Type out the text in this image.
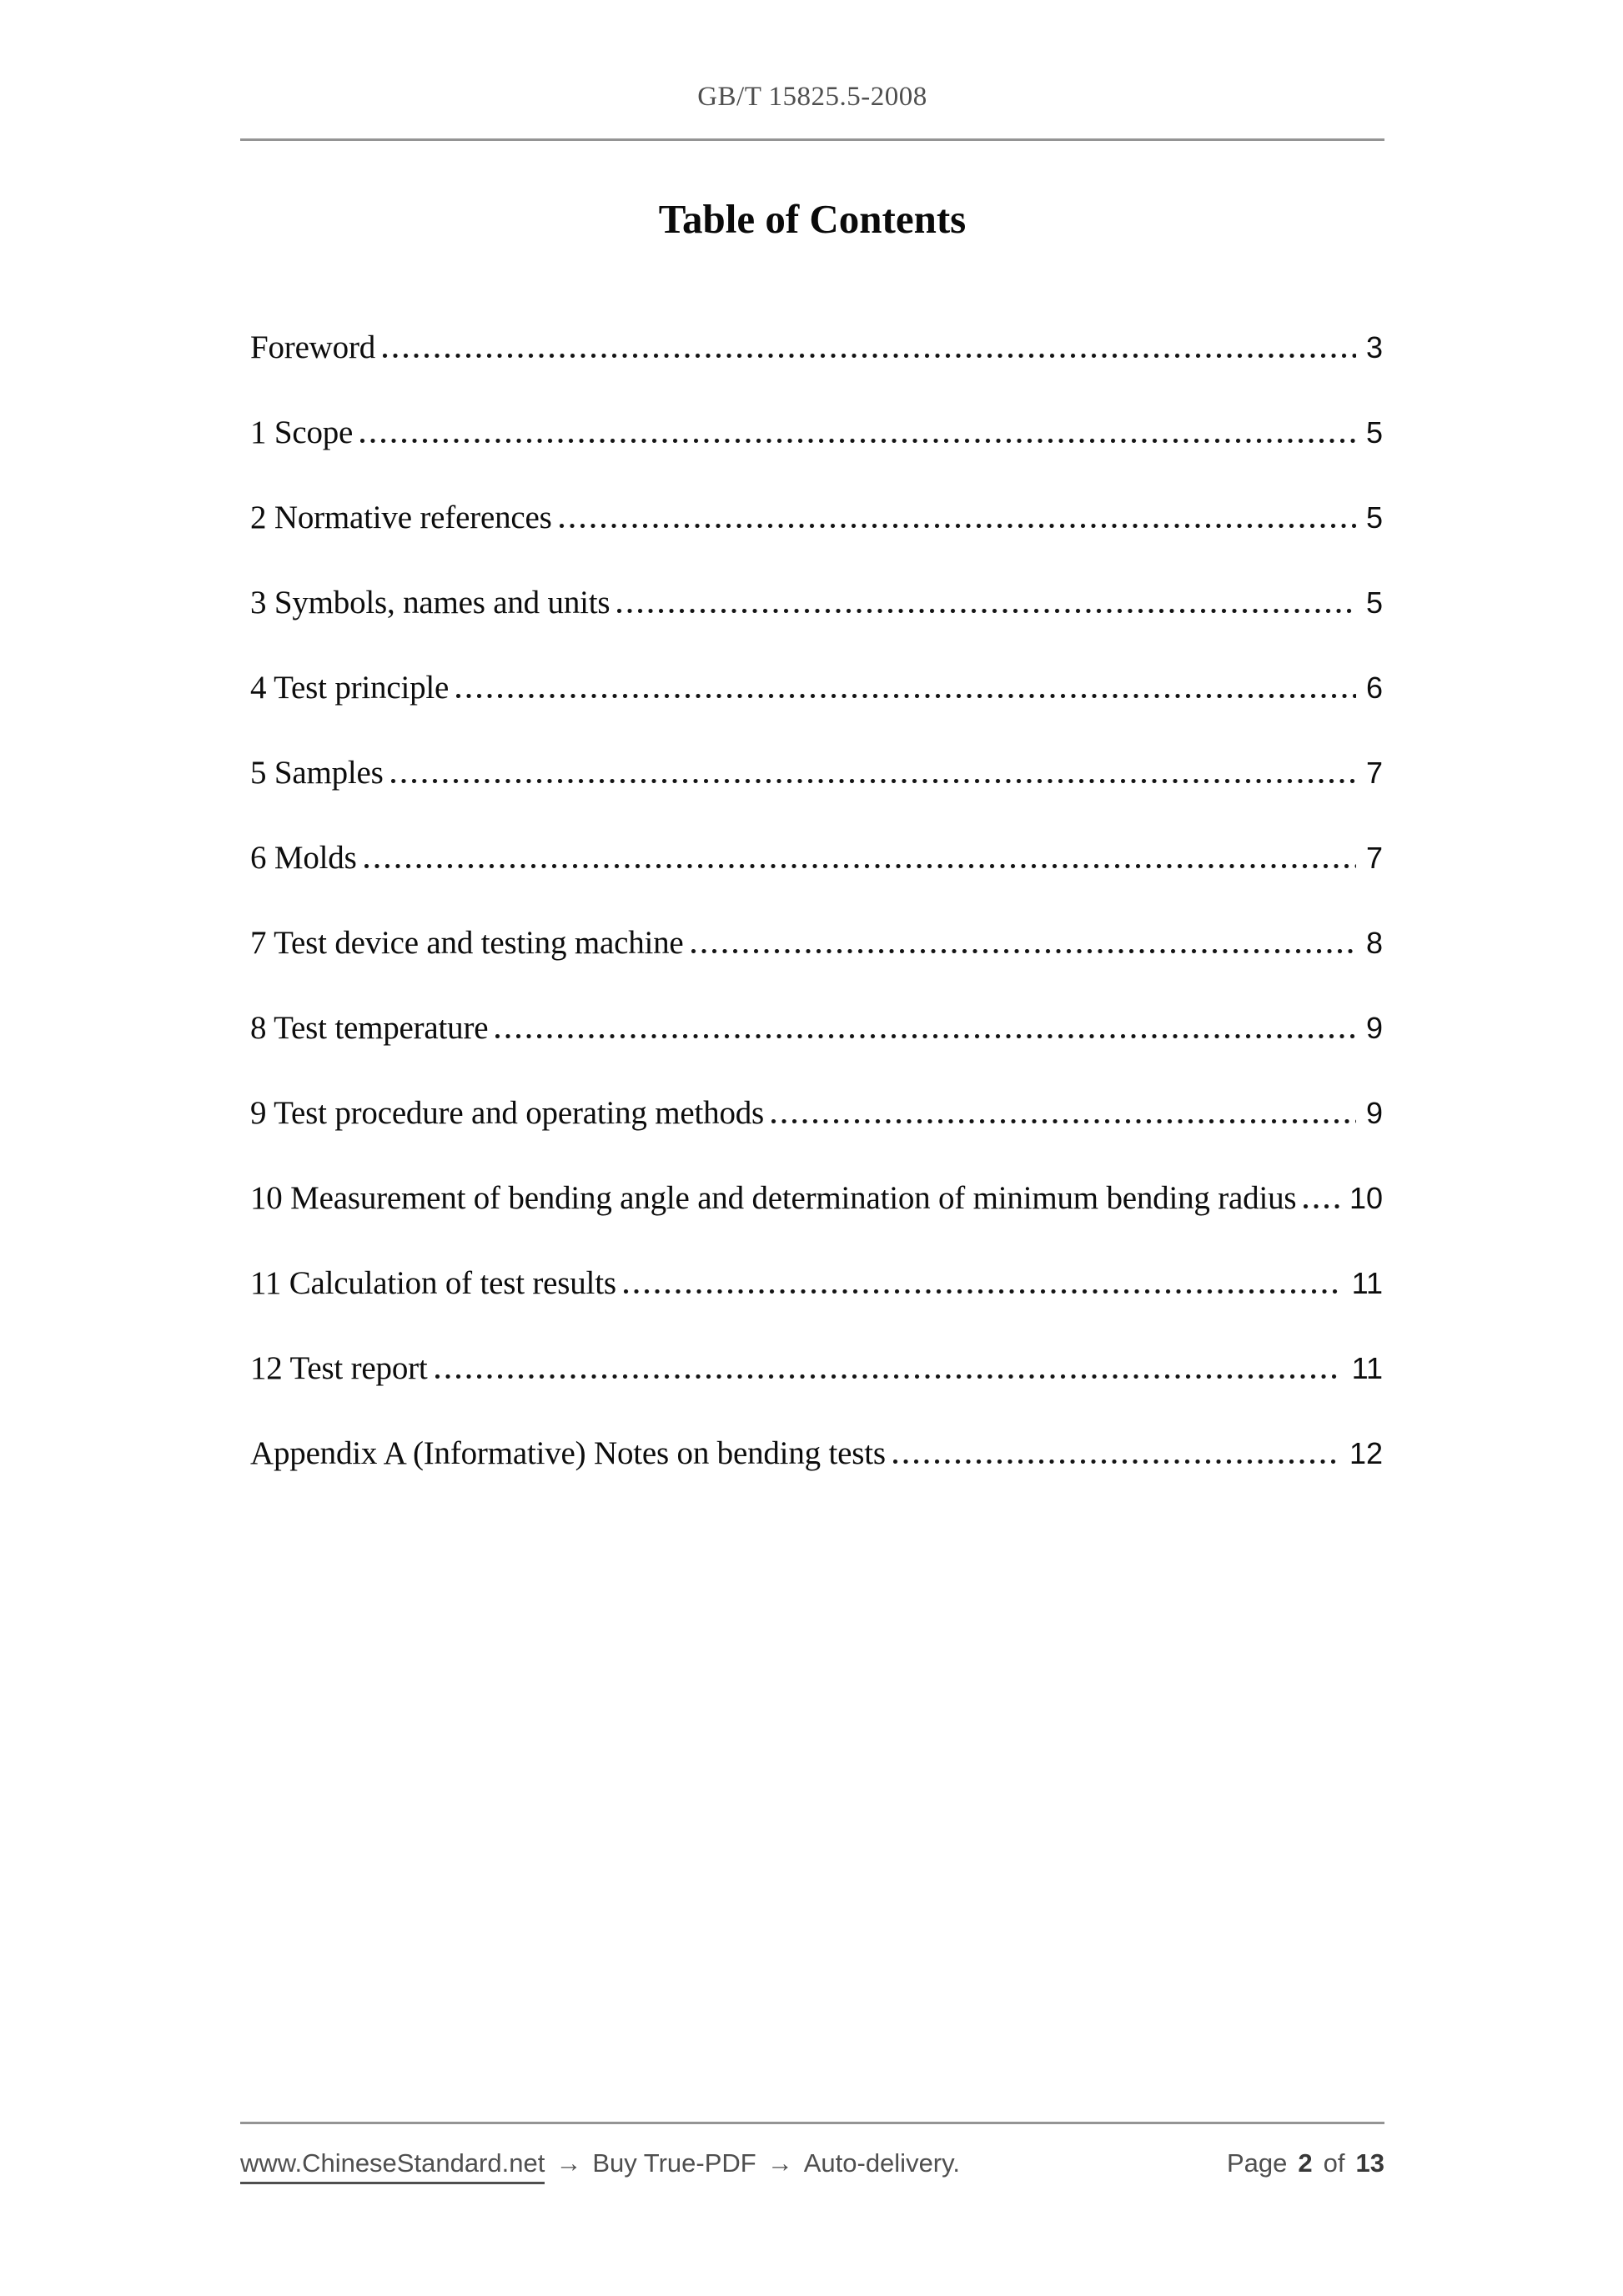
GB/T 15825.5-2008
Table of Contents
Foreword	3
1 Scope	5
2 Normative references	5
3 Symbols, names and units	5
4 Test principle	6
5 Samples	7
6 Molds	7
7 Test device and testing machine	8
8 Test temperature	9
9 Test procedure and operating methods	9
10 Measurement of bending angle and determination of minimum bending radius 10
11 Calculation of test results	11
12 Test report	11
Appendix A (Informative) Notes on bending tests	12
www.ChineseStandard.net → Buy True-PDF → Auto-delivery.	Page 2 of 13
